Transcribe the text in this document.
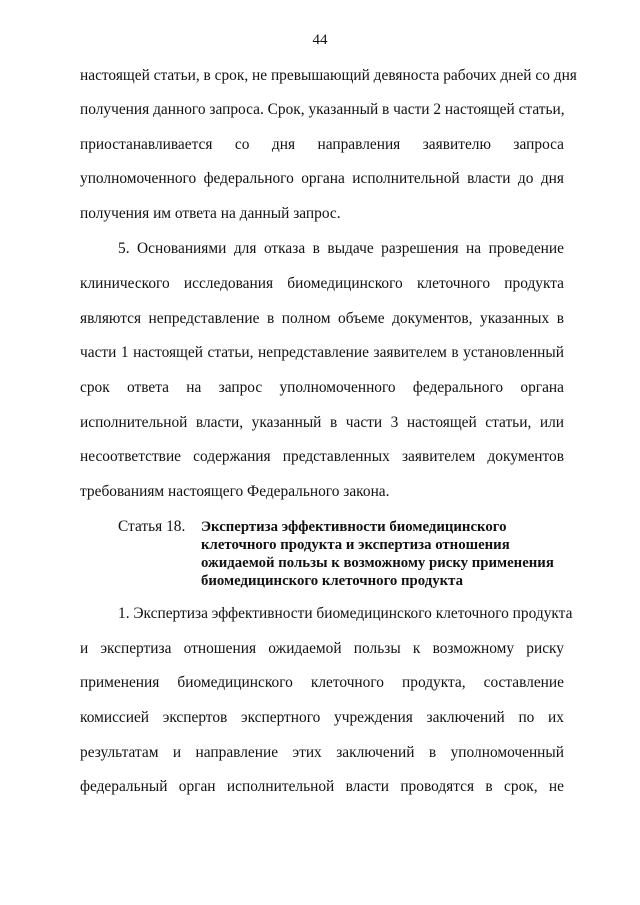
44
настоящей статьи, в срок, не превышающий девяноста рабочих дней со дня
получения данного запроса. Срок, указанный в части 2 настоящей статьи,
приостанавливается со дня направления заявителю запроса
уполномоченного федерального органа исполнительной власти до дня
получения им ответа на данный запрос.
5. Основаниями для отказа в выдаче разрешения на проведение
клинического исследования биомедицинского клеточного продукта
являются непредставление в полном объеме документов, указанных в
части 1 настоящей статьи, непредставление заявителем в установленный
срок ответа на запрос уполномоченного федерального органа
исполнительной власти, указанный в части 3 настоящей статьи, или
несоответствие содержания представленных заявителем документов
требованиям настоящего Федерального закона.
Статья 18. Экспертиза эффективности биомедицинского
клеточного продукта и экспертиза отношения
ожидаемой пользы к возможному риску применения
биомедицинского клеточного продукта
1. Экспертиза эффективности биомедицинского клеточного продукта
и экспертиза отношения ожидаемой пользы к возможному риску
применения биомедицинского клеточного продукта, составление
комиссией экспертов экспертного учреждения заключений по их
результатам и направление этих заключений в уполномоченный
федеральный орган исполнительной власти проводятся в срок, не
